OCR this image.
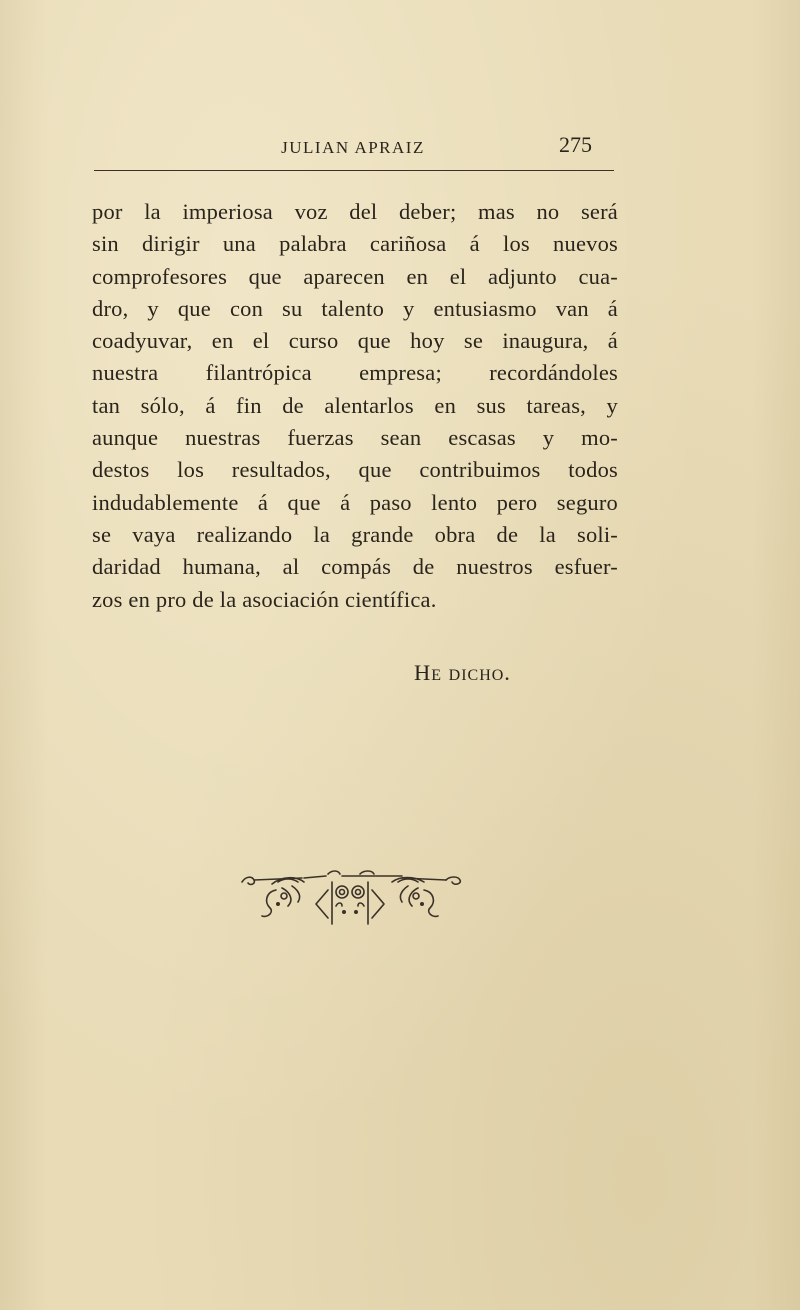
JULIAN APRAIZ	275
por la imperiosa voz del deber; mas no será
sin dirigir una palabra cariñosa á los nuevos
comprofesores que aparecen en el adjunto cua-
dro, y que con su talento y entusiasmo van á
coadyuvar, en el curso que hoy se inaugura, á
nuestra filantrópica empresa; recordándoles
tan sólo, á fin de alentarlos en sus tareas, y
aunque nuestras fuerzas sean escasas y mo-
destos los resultados, que contribuimos todos
indudablemente á que á paso lento pero seguro
se vaya realizando la grande obra de la soli-
daridad humana, al compás de nuestros esfuer-
zos en pro de la asociación científica.
He dicho.
